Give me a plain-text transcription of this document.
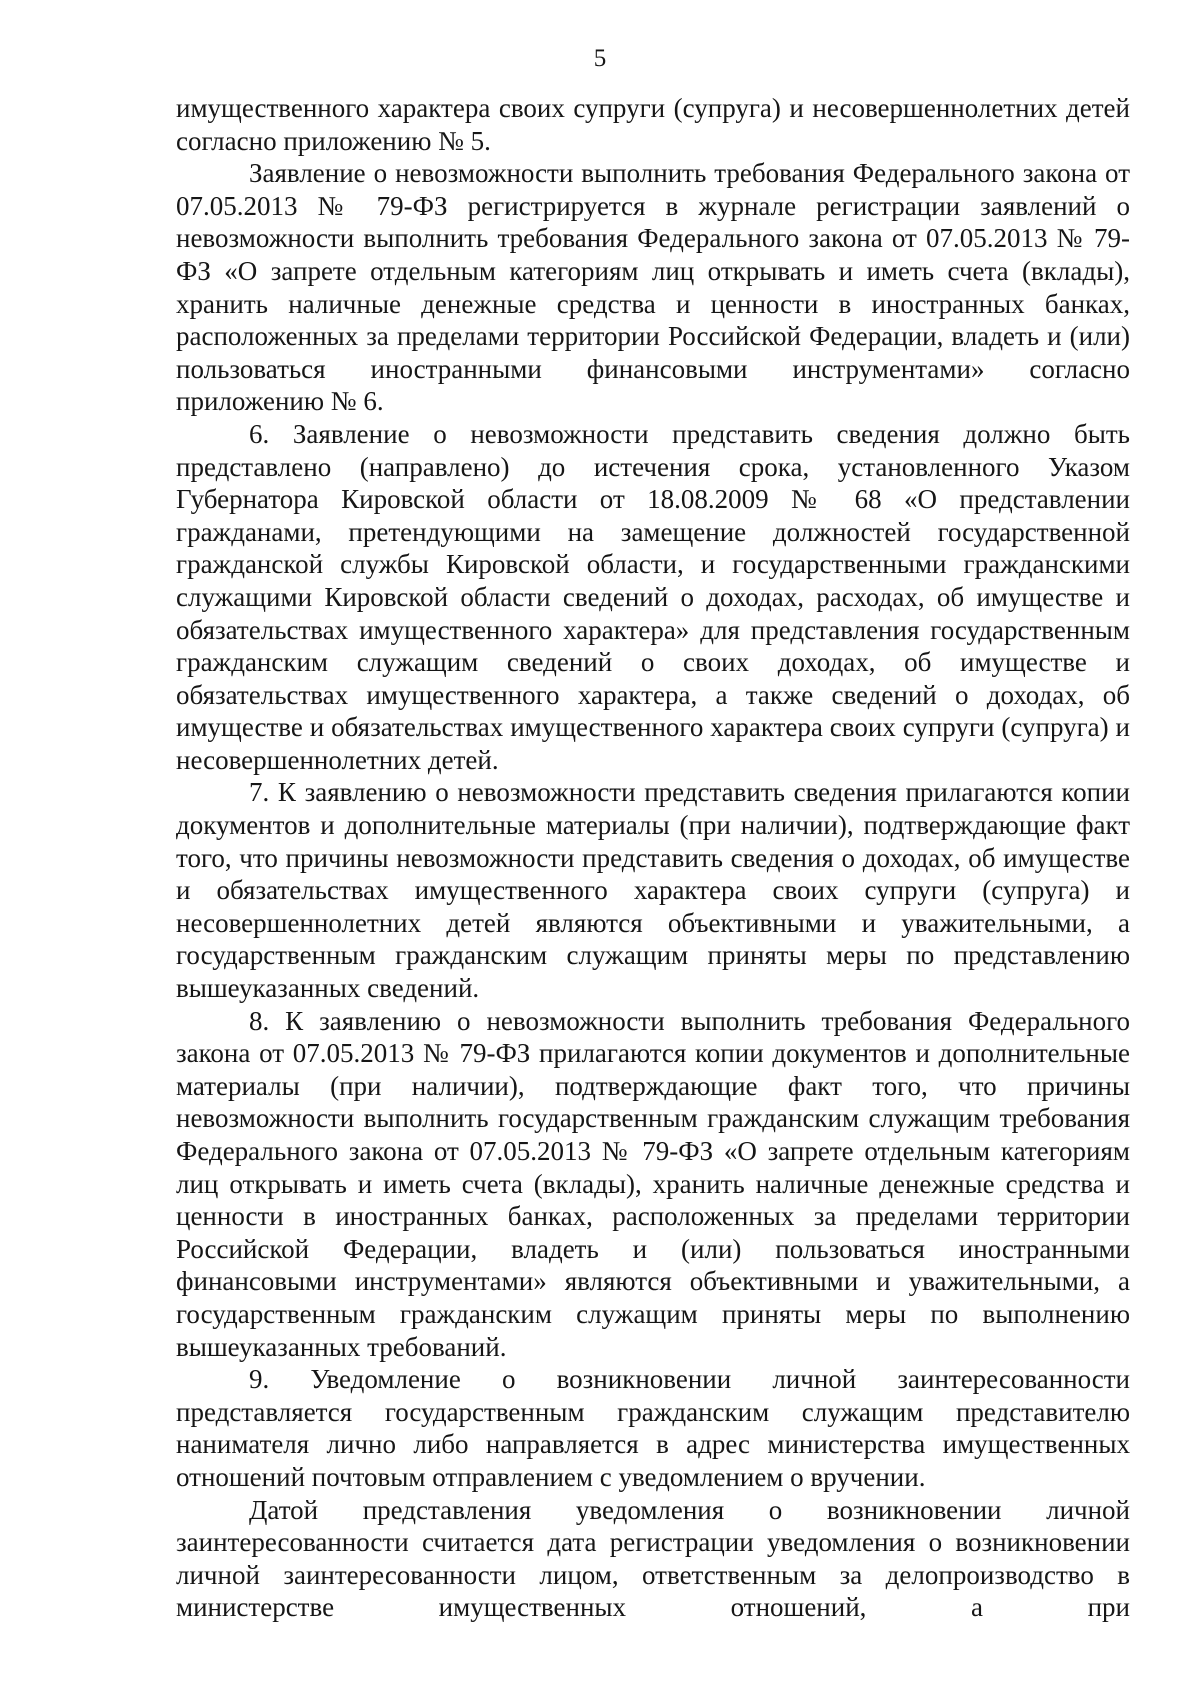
5

имущественного характера своих супруги (супруга) и несовершеннолетних детей согласно приложению № 5.

Заявление о невозможности выполнить требования Федерального закона от 07.05.2013 № 79-ФЗ регистрируется в журнале регистрации заявлений о невозможности выполнить требования Федерального закона от 07.05.2013 № 79-ФЗ «О запрете отдельным категориям лиц открывать и иметь счета (вклады), хранить наличные денежные средства и ценности в иностранных банках, расположенных за пределами территории Российской Федерации, владеть и (или) пользоваться иностранными финансовыми инструментами» согласно приложению № 6.

6. Заявление о невозможности представить сведения должно быть представлено (направлено) до истечения срока, установленного Указом Губернатора Кировской области от 18.08.2009 № 68 «О представлении гражданами, претендующими на замещение должностей государственной гражданской службы Кировской области, и государственными гражданскими служащими Кировской области сведений о доходах, расходах, об имуществе и обязательствах имущественного характера» для представления государственным гражданским служащим сведений о своих доходах, об имуществе и обязательствах имущественного характера, а также сведений о доходах, об имуществе и обязательствах имущественного характера своих супруги (супруга) и несовершеннолетних детей.

7. К заявлению о невозможности представить сведения прилагаются копии документов и дополнительные материалы (при наличии), подтверждающие факт того, что причины невозможности представить сведения о доходах, об имуществе и обязательствах имущественного характера своих супруги (супруга) и несовершеннолетних детей являются объективными и уважительными, а государственным гражданским служащим приняты меры по представлению вышеуказанных сведений.

8. К заявлению о невозможности выполнить требования Федерального закона от 07.05.2013 № 79-ФЗ прилагаются копии документов и дополнительные материалы (при наличии), подтверждающие факт того, что причины невозможности выполнить государственным гражданским служащим требования Федерального закона от 07.05.2013 № 79-ФЗ «О запрете отдельным категориям лиц открывать и иметь счета (вклады), хранить наличные денежные средства и ценности в иностранных банках, расположенных за пределами территории Российской Федерации, владеть и (или) пользоваться иностранными финансовыми инструментами» являются объективными и уважительными, а государственным гражданским служащим приняты меры по выполнению вышеуказанных требований.

9. Уведомление о возникновении личной заинтересованности представляется государственным гражданским служащим представителю нанимателя лично либо направляется в адрес министерства имущественных отношений почтовым отправлением с уведомлением о вручении.

Датой представления уведомления о возникновении личной заинтересованности считается дата регистрации уведомления о возникновении личной заинтересованности лицом, ответственным за делопроизводство в министерстве имущественных отношений, а при
